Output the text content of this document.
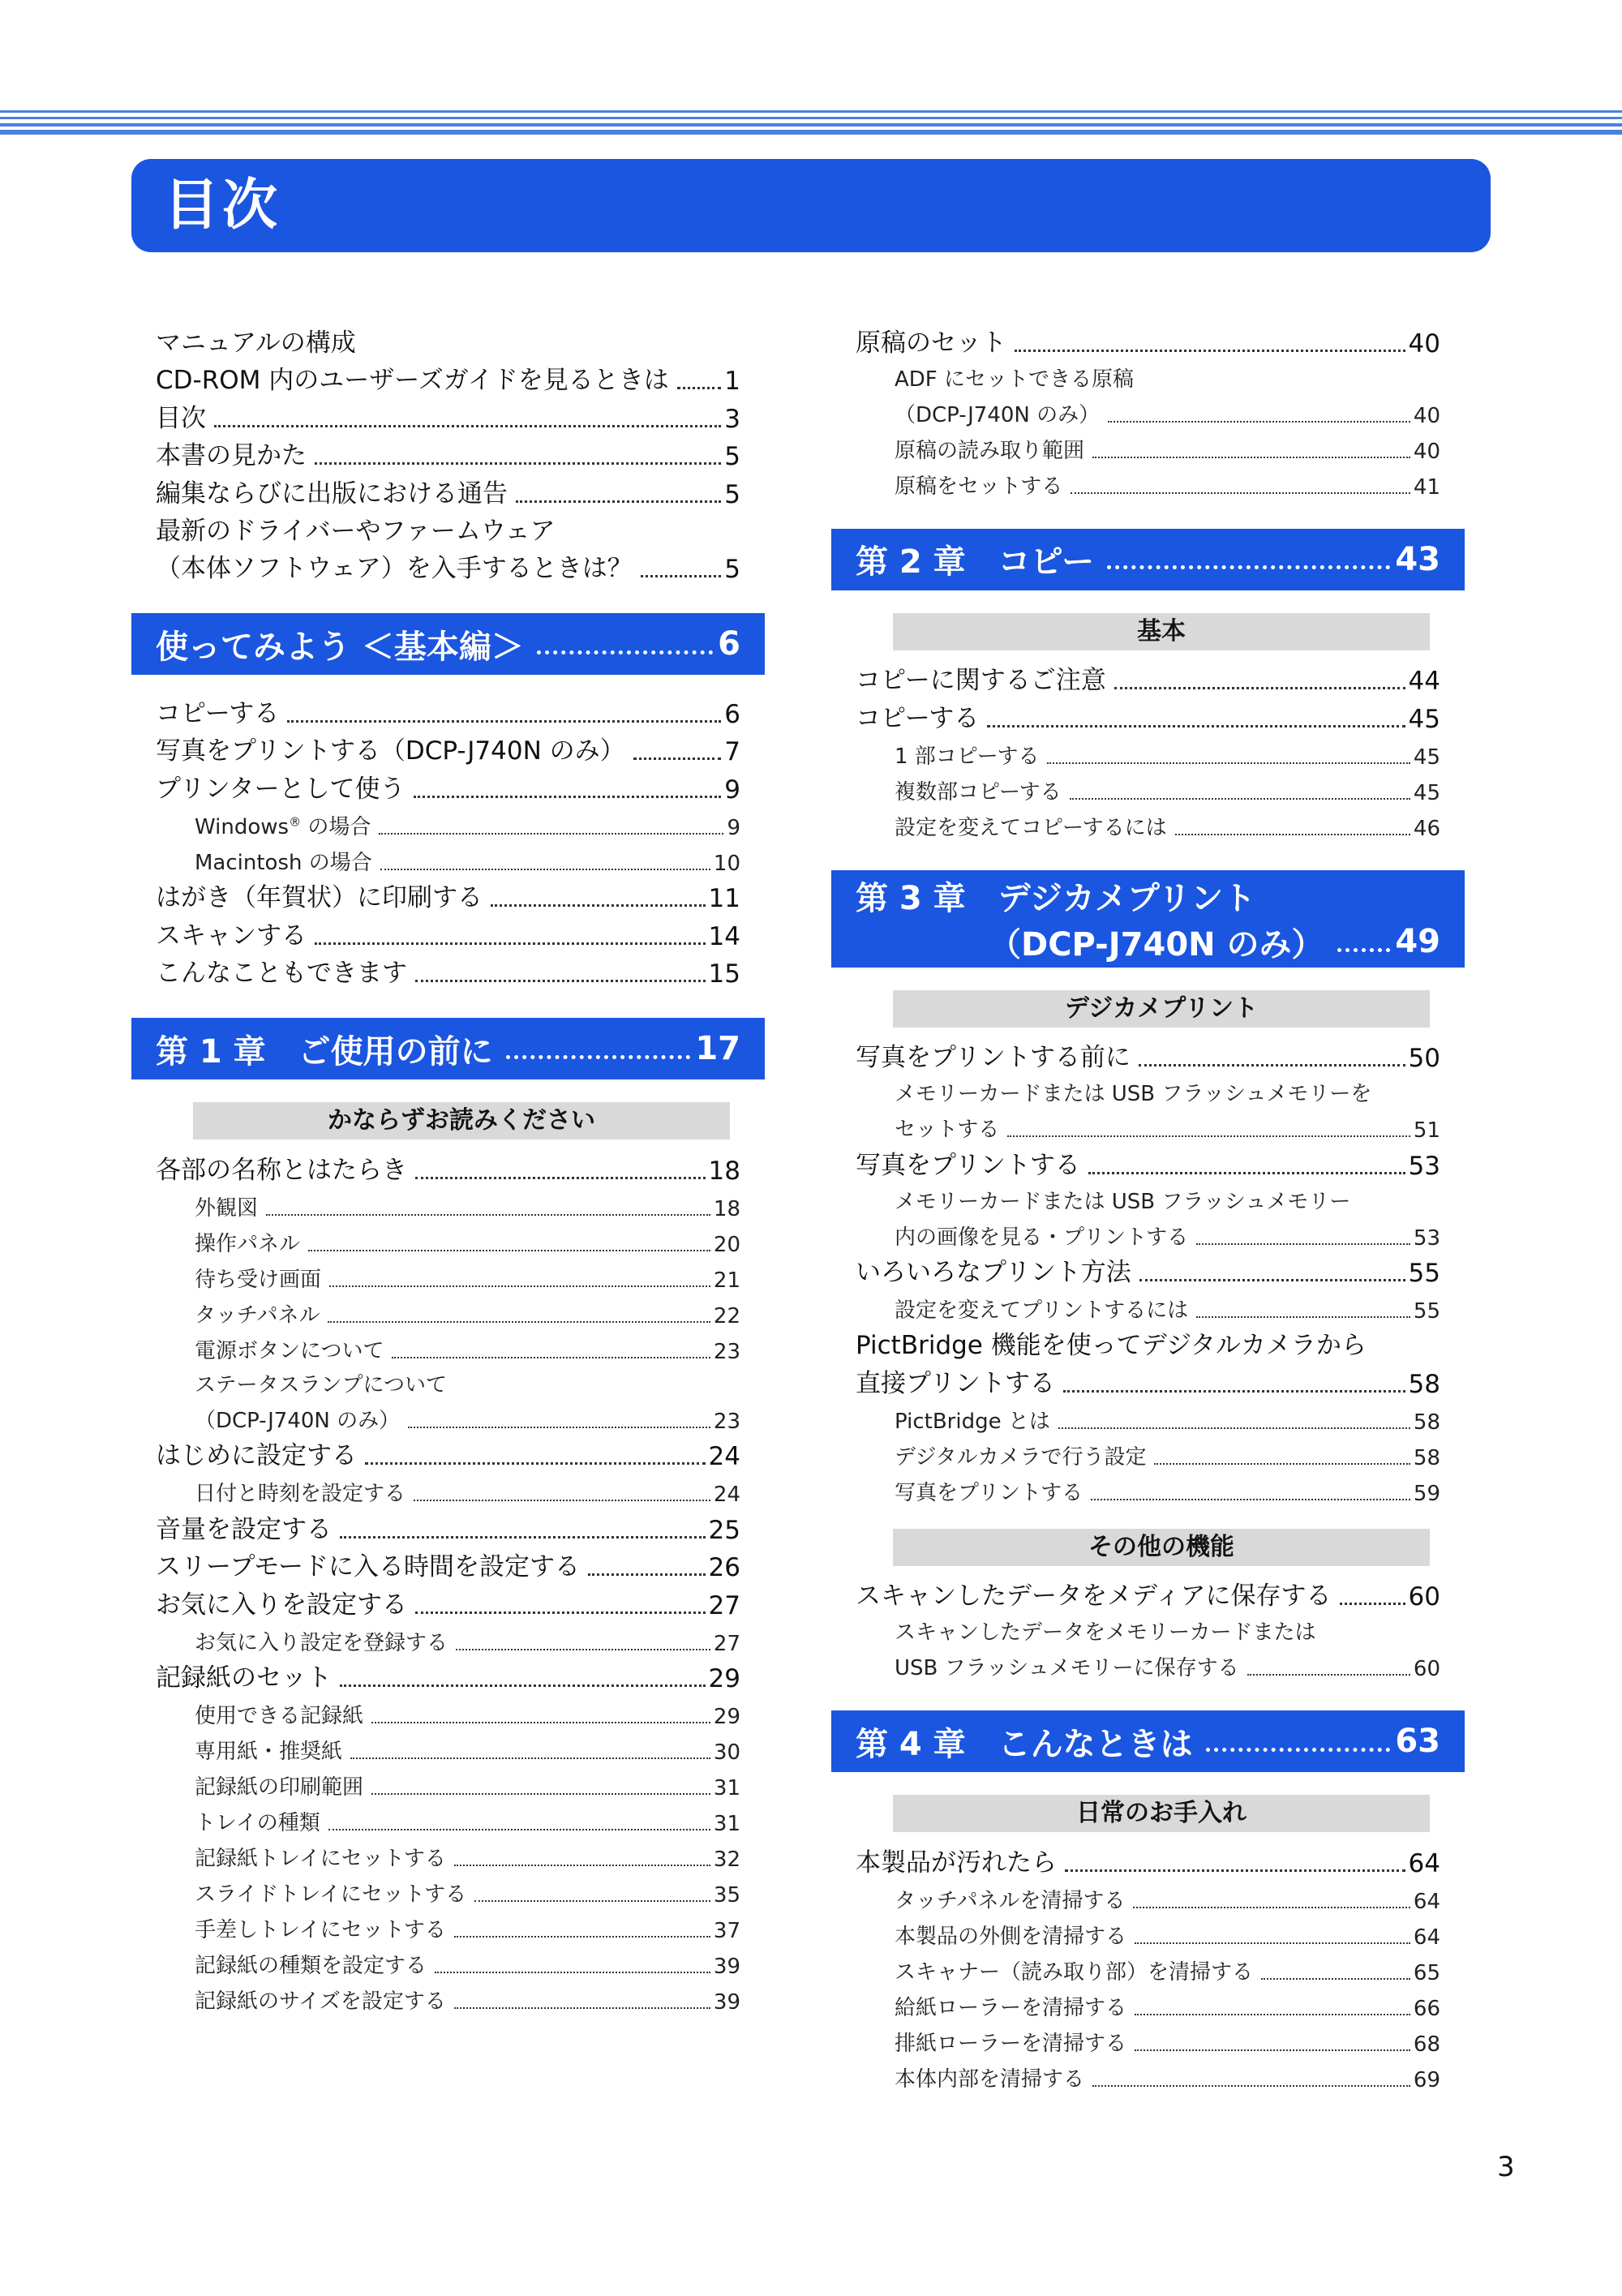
目次
マニュアルの構成
CD-ROM 内のユーザーズガイドを見るときは 1
目次	3
本書の見かた	5
編集ならびに出版における通告	5
最新のドライバーやファームウェア
（本体ソフトウェア）を入手するときは？	5
使ってみよう ＜基本編＞	6
コピーする	6
写真をプリントする（DCP-J740N のみ）	7
プリンターとして使う	9
Windows® の場合	9
Macintosh の場合	10
はがき（年賀状）に印刷する	11
スキャンする	14
こんなこともできます	15
第 1 章　ご使用の前に	17
かならずお読みください
各部の名称とはたらき	18
外観図	18
操作パネル	20
待ち受け画面	21
タッチパネル	22
電源ボタンについて	23
ステータスランプについて
（DCP-J740N のみ）	23
はじめに設定する	24
日付と時刻を設定する	24
音量を設定する	25
スリープモードに入る時間を設定する	26
お気に入りを設定する	27
お気に入り設定を登録する	27
記録紙のセット	29
使用できる記録紙	29
専用紙・推奨紙	30
記録紙の印刷範囲	31
トレイの種類	31
記録紙トレイにセットする	32
スライドトレイにセットする	35
手差しトレイにセットする	37
記録紙の種類を設定する	39
記録紙のサイズを設定する	39
原稿のセット	40
ADF にセットできる原稿
（DCP-J740N のみ）	40
原稿の読み取り範囲	40
原稿をセットする	41
第 2 章　コピー	43
基本
コピーに関するご注意	44
コピーする	45
1 部コピーする	45
複数部コピーする	45
設定を変えてコピーするには	46
第 3 章　デジカメプリント
（DCP-J740N のみ） 49
デジカメプリント
写真をプリントする前に	50
メモリーカードまたは USB フラッシュメモリーを
セットする	51
写真をプリントする	53
メモリーカードまたは USB フラッシュメモリー
内の画像を見る・プリントする	53
いろいろなプリント方法	55
設定を変えてプリントするには	55
PictBridge 機能を使ってデジタルカメラから
直接プリントする	58
PictBridge とは	58
デジタルカメラで行う設定	58
写真をプリントする	59
その他の機能
スキャンしたデータをメディアに保存する	60
スキャンしたデータをメモリーカードまたは
USB フラッシュメモリーに保存する	60
第 4 章　こんなときは	63
日常のお手入れ
本製品が汚れたら	64
タッチパネルを清掃する	64
本製品の外側を清掃する	64
スキャナー（読み取り部）を清掃する	65
給紙ローラーを清掃する	66
排紙ローラーを清掃する	68
本体内部を清掃する	69
3
